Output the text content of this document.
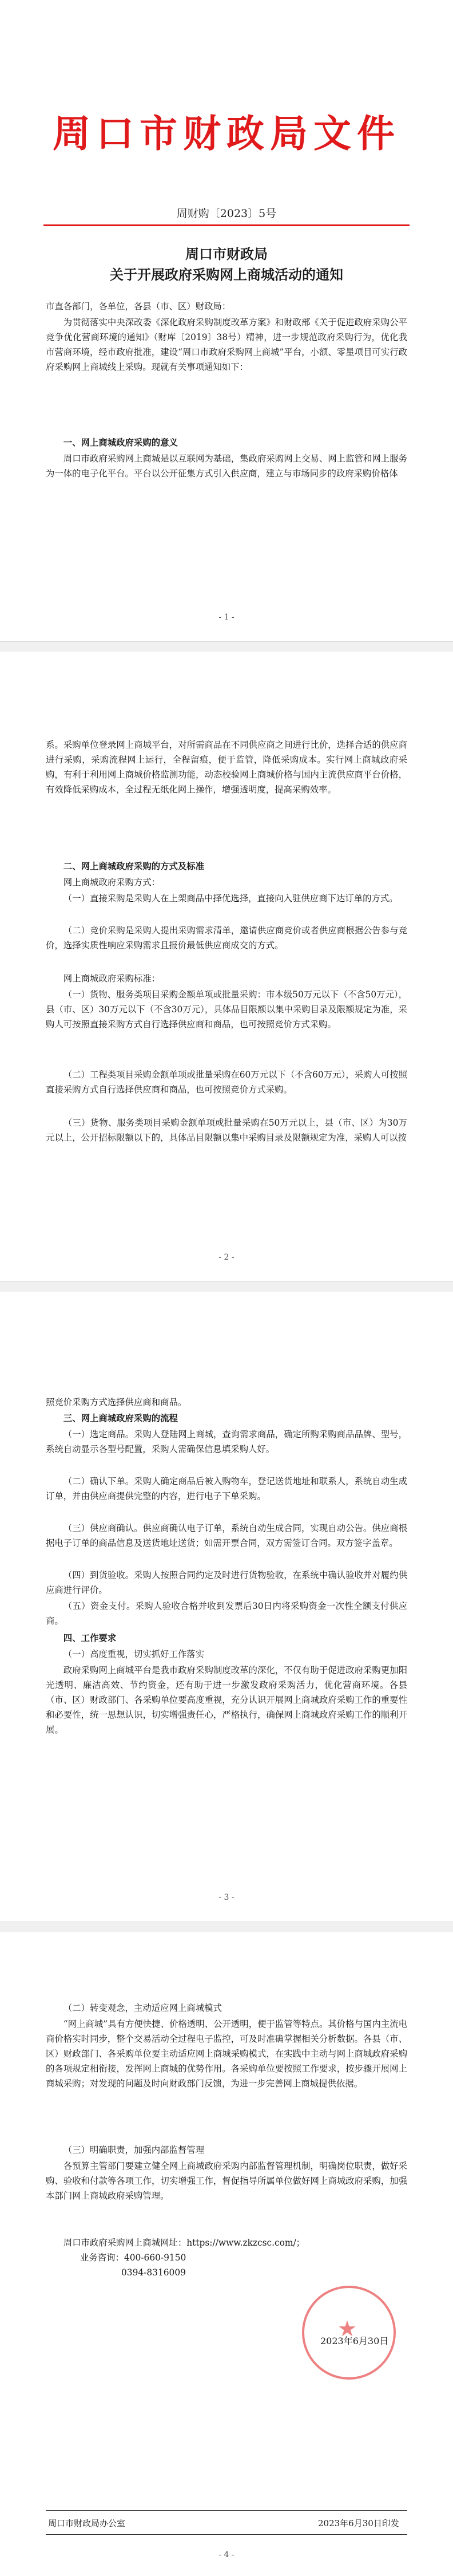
周口市财政局文件
周财购〔2023〕5号
周口市财政局
关于开展政府采购网上商城活动的通知

市直各部门，各单位，各县（市、区）财政局：

为贯彻落实中央深改委《深化政府采购制度改革方案》和财政部《关于促进政府采购公平竞争优化营商环境的通知》（财库〔2019〕38号）精神，进一步规范政府采购行为，优化我市营商环境，经市政府批准，建设“周口市政府采购网上商城”平台，小额、零星项目可实行政府采购网上商城线上采购。现就有关事项通知如下：

一、网上商城政府采购的意义

周口市政府采购网上商城是以互联网为基础，集政府采购网上交易、网上监管和网上服务为一体的电子化平台。平台以公开征集方式引入供应商，建立与市场同步的政府采购价格体

- 1 -

系。采购单位登录网上商城平台，对所需商品在不同供应商之间进行比价，选择合适的供应商进行采购，采购流程网上运行，全程留痕，便于监管，降低采购成本。实行网上商城政府采购，有利于利用网上商城价格监测功能，动态校验网上商城价格与国内主流供应商平台价格，有效降低采购成本，全过程无纸化网上操作，增强透明度，提高采购效率。

二、网上商城政府采购的方式及标准

网上商城政府采购方式：

（一）直接采购是采购人在上架商品中择优选择，直接向入驻供应商下达订单的方式。

（二）竞价采购是采购人提出采购需求清单，邀请供应商竞价或者供应商根据公告参与竞价，选择实质性响应采购需求且报价最低供应商成交的方式。

网上商城政府采购标准：

（一）货物、服务类项目采购金额单项或批量采购：市本级50万元以下（不含50万元），县（市、区）30万元以下（不含30万元），具体品目限额以集中采购目录及限额规定为准，采购人可按照直接采购方式自行选择供应商和商品，也可按照竞价方式采购。

（二）工程类项目采购金额单项或批量采购在60万元以下（不含60万元），采购人可按照直接采购方式自行选择供应商和商品，也可按照竞价方式采购。

（三）货物、服务类项目采购金额单项或批量采购在50万元以上，县（市、区）为30万元以上，公开招标限额以下的，具体品目限额以集中采购目录及限额规定为准，采购人可以按

- 2 -

照竞价采购方式选择供应商和商品。

三、网上商城政府采购的流程

（一）选定商品。采购人登陆网上商城，查询需求商品，确定所购采购商品品牌、型号，系统自动显示各型号配置，采购人需确保信息填采购人好。

（二）确认下单。采购人确定商品后被入购物车，登记送货地址和联系人，系统自动生成订单，并由供应商提供完整的内容，进行电子下单采购。

（三）供应商确认。供应商确认电子订单，系统自动生成合同，实现自动公告。供应商根据电子订单的商品信息及送货地址送货；如需开票合同，双方需签订合同。双方签字盖章。

（四）到货验收。采购人按照合同约定及时进行货物验收，在系统中确认验收并对履约供应商进行评价。

（五）资金支付。采购人验收合格并收到发票后30日内将采购资金一次性全额支付供应商。

四、工作要求

（一）高度重视，切实抓好工作落实

政府采购网上商城平台是我市政府采购制度改革的深化，不仅有助于促进政府采购更加阳光透明、廉洁高效、节约资金，还有助于进一步激发政府采购活力，优化营商环境。各县（市、区）财政部门、各采购单位要高度重视，充分认识开展网上商城政府采购工作的重要性和必要性，统一思想认识，切实增强责任心，严格执行，确保网上商城政府采购工作的顺利开展。

- 3 -

（二）转变观念，主动适应网上商城模式

“网上商城”具有方便快捷、价格透明、公开透明，便于监管等特点。其价格与国内主流电商价格实时同步，整个交易活动全过程电子监控，可及时准确掌握相关分析数据。各县（市、区）财政部门、各采购单位要主动适应网上商城采购模式，在实践中主动与网上商城政府采购的各项规定相衔接，发挥网上商城的优势作用。各采购单位要按照工作要求，按步骤开展网上商城采购；对发现的问题及时向财政部门反馈，为进一步完善网上商城提供依据。

（三）明确职责，加强内部监督管理

各预算主管部门要建立健全网上商城政府采购内部监督管理机制，明确岗位职责，做好采购、验收和付款等各项工作，切实增强工作，督促指导所属单位做好网上商城政府采购，加强本部门网上商城政府采购管理。

周口市政府采购网上商城网址：https://www.zkzcsc.com/；

业务咨询：400-660-9150

0394-8316009

★
2023年6月30日
周口市财政局办公室	2023年6月30日印发
- 4 -
